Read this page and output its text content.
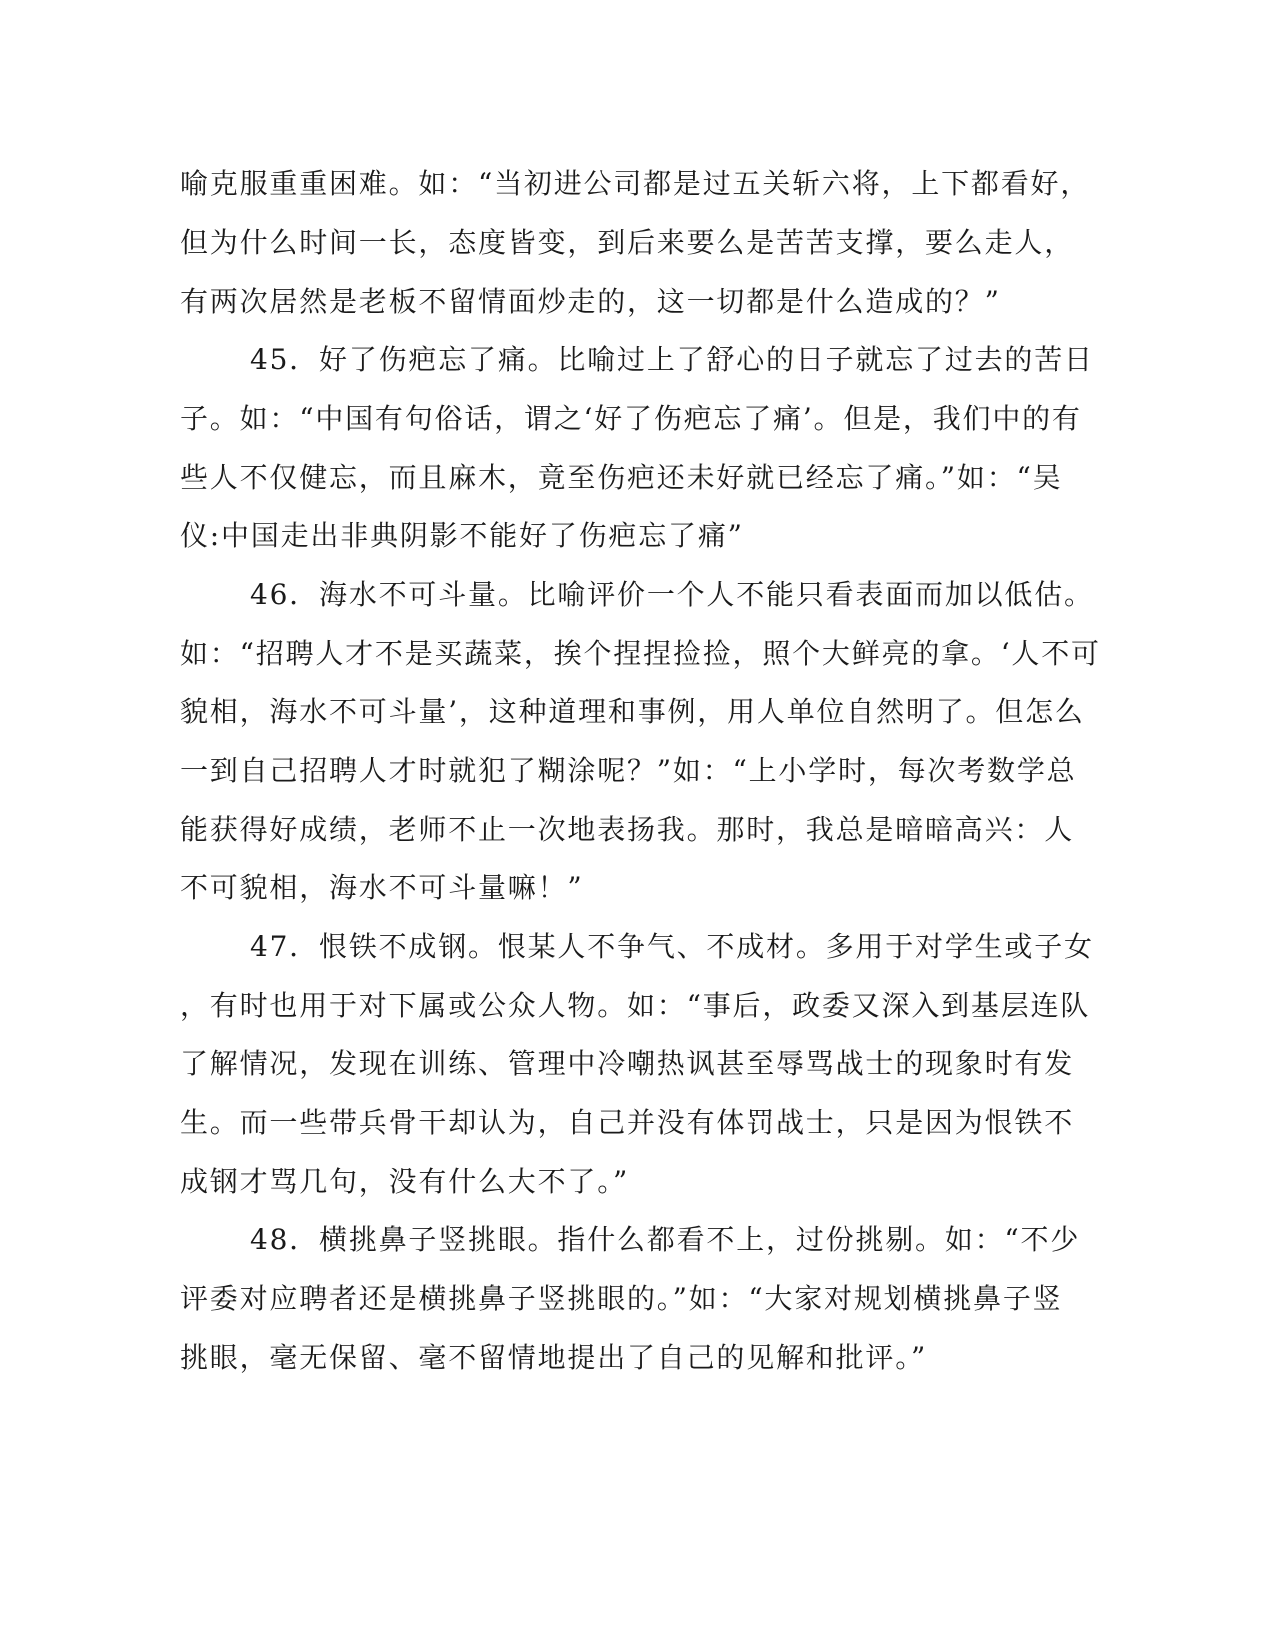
喻克服重重困难。如：“当初进公司都是过五关斩六将，上下都看好，
但为什么时间一长，态度皆变，到后来要么是苦苦支撑，要么走人，
有两次居然是老板不留情面炒走的，这一切都是什么造成的？”
45．好了伤疤忘了痛。比喻过上了舒心的日子就忘了过去的苦日
子。如：“中国有句俗话，谓之‘好了伤疤忘了痛’。但是，我们中的有
些人不仅健忘，而且麻木，竟至伤疤还未好就已经忘了痛。”如：“吴
仪:中国走出非典阴影不能好了伤疤忘了痛”
46．海水不可斗量。比喻评价一个人不能只看表面而加以低估。
如：“招聘人才不是买蔬菜，挨个捏捏捡捡，照个大鲜亮的拿。‘人不可
貌相，海水不可斗量’，这种道理和事例，用人单位自然明了。但怎么
一到自己招聘人才时就犯了糊涂呢？”如：“上小学时，每次考数学总
能获得好成绩，老师不止一次地表扬我。那时，我总是暗暗高兴：人
不可貌相，海水不可斗量嘛！”
47．恨铁不成钢。恨某人不争气、不成材。多用于对学生或子女
，有时也用于对下属或公众人物。如：“事后，政委又深入到基层连队
了解情况，发现在训练、管理中冷嘲热讽甚至辱骂战士的现象时有发
生。而一些带兵骨干却认为，自己并没有体罚战士，只是因为恨铁不
成钢才骂几句，没有什么大不了。”
48．横挑鼻子竖挑眼。指什么都看不上，过份挑剔。如：“不少
评委对应聘者还是横挑鼻子竖挑眼的。”如：“大家对规划横挑鼻子竖
挑眼，毫无保留、毫不留情地提出了自己的见解和批评。”
